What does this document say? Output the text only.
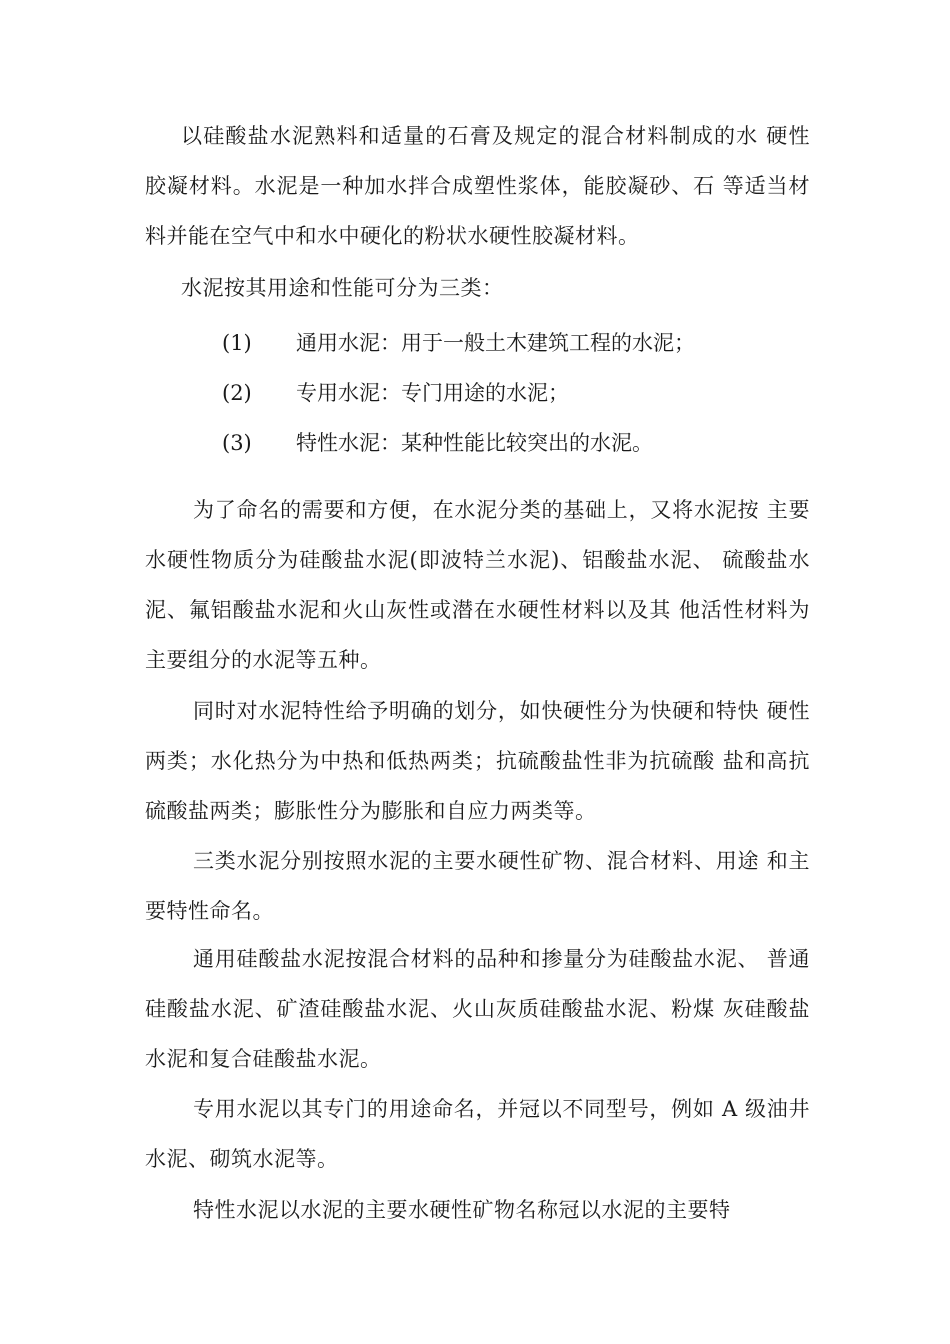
以硅酸盐水泥熟料和适量的石膏及规定的混合材料制成的水 硬性胶凝材料。水泥是一种加水拌合成塑性浆体，能胶凝砂、石 等适当材料并能在空气中和水中硬化的粉状水硬性胶凝材料。

水泥按其用途和性能可分为三类：

(1) 通用水泥：用于一般土木建筑工程的水泥；
(2) 专用水泥：专门用途的水泥；
(3) 特性水泥：某种性能比较突出的水泥。

为了命名的需要和方便，在水泥分类的基础上，又将水泥按 主要水硬性物质分为硅酸盐水泥(即波特兰水泥)、铝酸盐水泥、 硫酸盐水泥、氟铝酸盐水泥和火山灰性或潜在水硬性材料以及其 他活性材料为主要组分的水泥等五种。

同时对水泥特性给予明确的划分，如快硬性分为快硬和特快 硬性两类；水化热分为中热和低热两类；抗硫酸盐性非为抗硫酸 盐和高抗硫酸盐两类；膨胀性分为膨胀和自应力两类等。

三类水泥分别按照水泥的主要水硬性矿物、混合材料、用途 和主要特性命名。

通用硅酸盐水泥按混合材料的品种和掺量分为硅酸盐水泥、 普通硅酸盐水泥、矿渣硅酸盐水泥、火山灰质硅酸盐水泥、粉煤 灰硅酸盐水泥和复合硅酸盐水泥。

专用水泥以其专门的用途命名，并冠以不同型号，例如 A 级油井水泥、砌筑水泥等。

特性水泥以水泥的主要水硬性矿物名称冠以水泥的主要特
